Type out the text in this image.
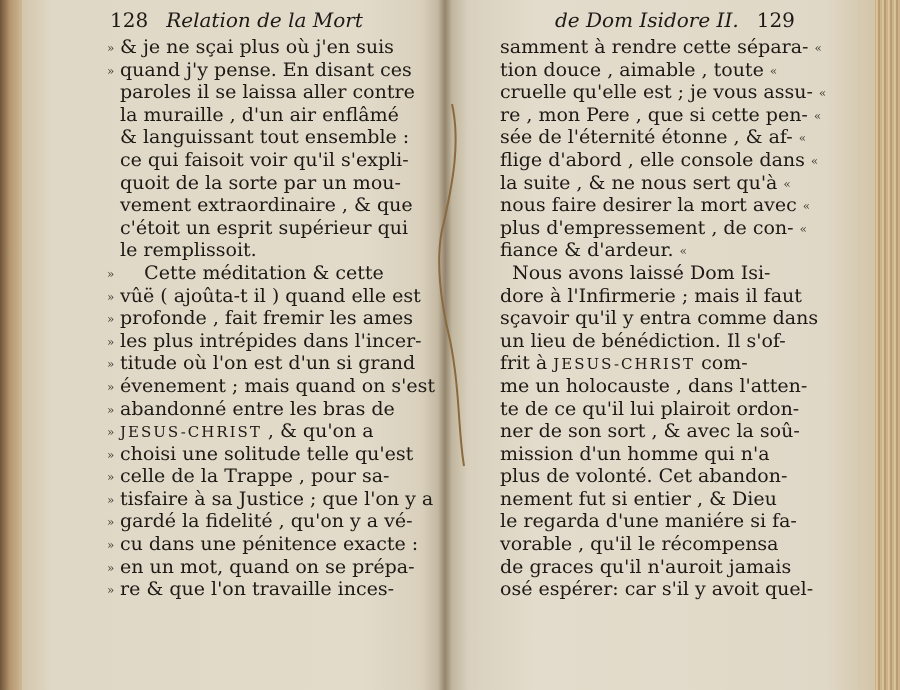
128 Relation de la Mort
» & je ne sçai plus où j'en suis
» quand j'y pense. En disant ces
paroles il se laissa aller contre
la muraille , d'un air enflâmé
& languissant tout ensemble :
ce qui faisoit voir qu'il s'expli-
quoit de la sorte par un mou-
vement extraordinaire , & que
c'étoit un esprit supérieur qui
le remplissoit.
»    Cette méditation & cette
» vûë ( ajoûta-t il ) quand elle est
» profonde , fait fremir les ames
» les plus intrépides dans l'incer-
» titude où l'on est d'un si grand
» évenement ; mais quand on s'est
» abandonné entre les bras de
» JESUS-CHRIST , & qu'on a
» choisi une solitude telle qu'est
» celle de la Trappe , pour sa-
» tisfaire à sa Justice ; que l'on y a
» gardé la fidelité , qu'on y a vé-
» cu dans une pénitence exacte :
» en un mot, quand on se prépa-
» re & que l'on travaille inces-
de Dom Isidore II. 129
samment à rendre cette sépara- «
tion douce , aimable , toute «
cruelle qu'elle est ; je vous assu- «
re , mon Pere , que si cette pen- «
sée de l'éternité étonne , & af- «
flige d'abord , elle console dans «
la suite , & ne nous sert qu'à «
nous faire desirer la mort avec «
plus d'empressement , de con- «
fiance & d'ardeur. «
Nous avons laissé Dom Isi-
dore à l'Infirmerie ; mais il faut
sçavoir qu'il y entra comme dans
un lieu de bénédiction. Il s'of-
frit à JESUS-CHRIST com-
me un holocauste , dans l'atten-
te de ce qu'il lui plairoit ordon-
ner de son sort , & avec la soû-
mission d'un homme qui n'a
plus de volonté. Cet abandon-
nement fut si entier , & Dieu
le regarda d'une maniére si fa-
vorable , qu'il le récompensa
de graces qu'il n'auroit jamais
osé espérer: car s'il y avoit quel-
